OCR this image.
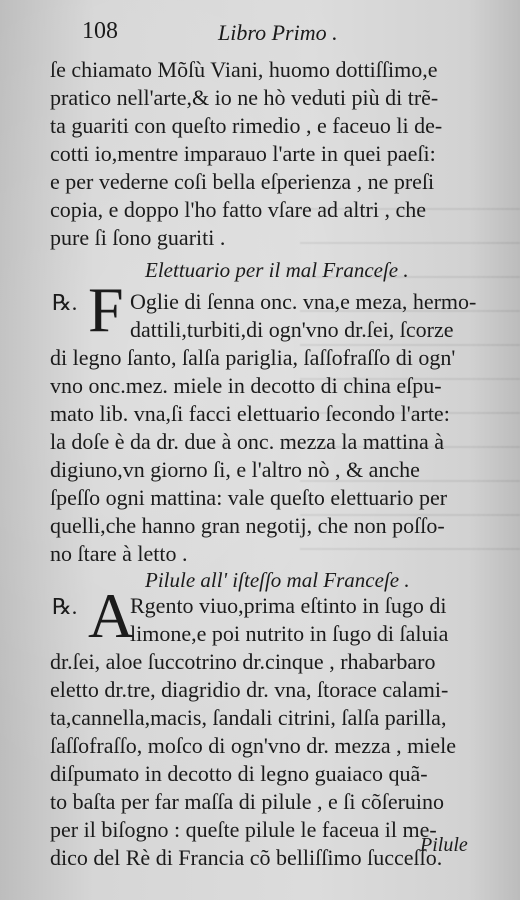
108	Libro Primo .
ſe chiamato Mõſù Viani, huomo dottiſſimo,e
pratico nell'arte,& io ne hò veduti più di trẽ-
ta guariti con queſto rimedio , e faceuo li de-
cotti io,mentre imparauo l'arte in quei paeſi:
e per vederne coſi bella eſperienza , ne preſi
copia, e doppo l'ho fatto vſare ad altri , che
pure ſi ſono guariti .
Elettuario per il mal Franceſe .
℞. F Oglie di ſenna onc. vna,e meza, hermo-
dattili,turbiti,di ogn'vno dr.ſei, ſcorze
di legno ſanto, ſalſa pariglia, ſaſſofraſſo di ogn'
vno onc.mez. miele in decotto di china eſpu-
mato lib. vna,ſi facci elettuario ſecondo l'arte:
la doſe è da dr. due à onc. mezza la mattina à
digiuno,vn giorno ſi, e l'altro nò , & anche
ſpeſſo ogni mattina: vale queſto elettuario per
quelli,che hanno gran negotij, che non poſſo-
no ſtare à letto .
Pilule all' iſteſſo mal Franceſe .
℞. A
Rgento viuo,prima eſtinto in ſugo di
limone,e poi nutrito in ſugo di ſaluia
dr.ſei, aloe ſuccotrino dr.cinque , rhabarbaro
eletto dr.tre, diagridio dr. vna, ſtorace calami-
ta,cannella,macis, ſandali citrini, ſalſa parilla,
ſaſſofraſſo, moſco di ogn'vno dr. mezza , miele
diſpumato in decotto di legno guaiaco quã-
to baſta per far maſſa di pilule , e ſi cõſeruino
per il biſogno : queſte pilule le faceua il me-
dico del Rè di Francia cõ belliſſimo ſucceſſo.
Pilule
